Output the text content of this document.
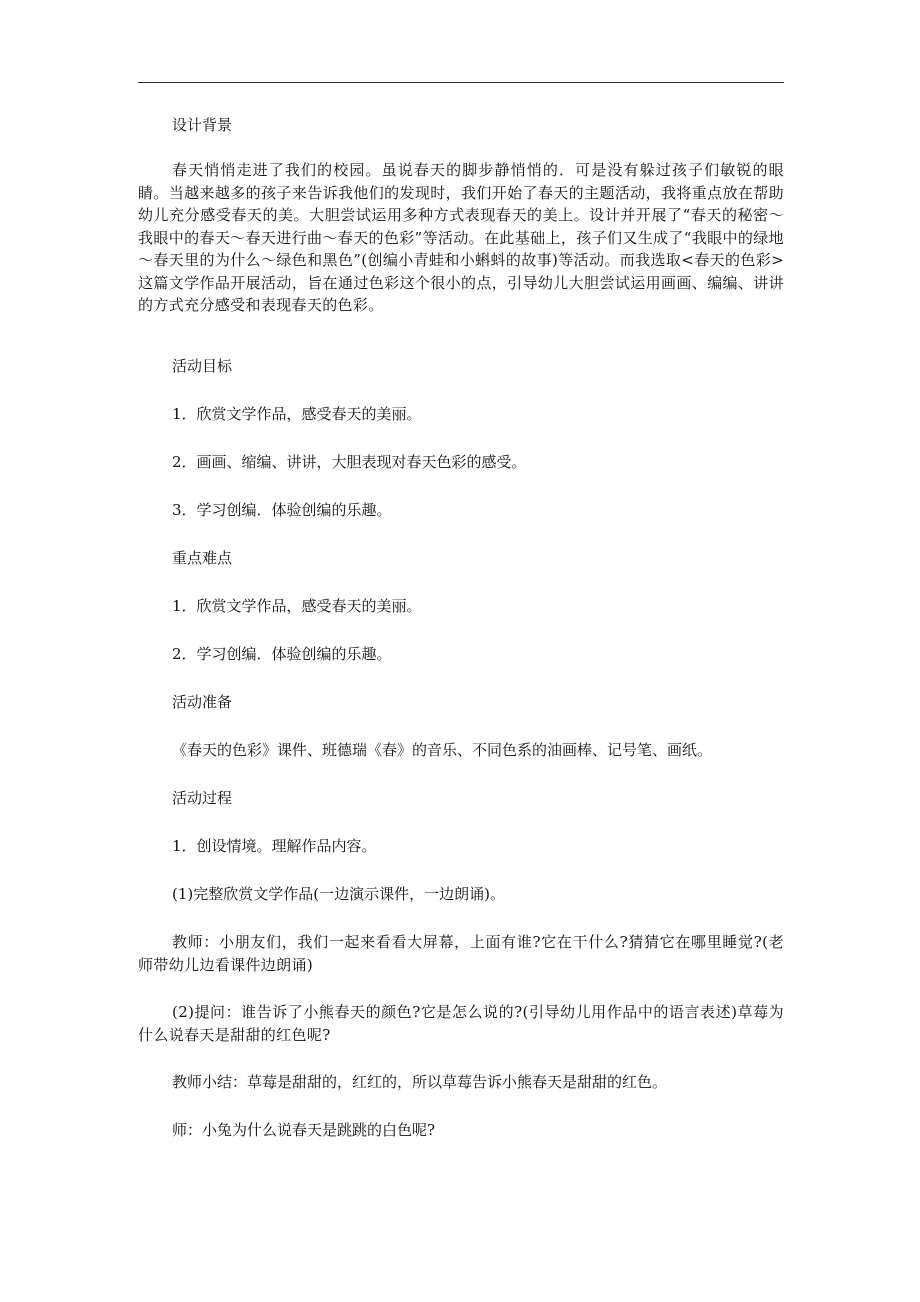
设计背景

春天悄悄走进了我们的校园。虽说春天的脚步静悄悄的．可是没有躲过孩子们敏锐的眼睛。当越来越多的孩子来告诉我他们的发现时，我们开始了春天的主题活动，我将重点放在帮助幼儿充分感受春天的美。大胆尝试运用多种方式表现春天的美上。设计并开展了“春天的秘密～我眼中的春天～春天进行曲～春天的色彩”等活动。在此基础上，孩子们又生成了“我眼中的绿地～春天里的为什么～绿色和黑色”(创编小青蛙和小蝌蚪的故事)等活动。而我选取<春天的色彩>这篇文学作品开展活动，旨在通过色彩这个很小的点，引导幼儿大胆尝试运用画画、编编、讲讲的方式充分感受和表现春天的色彩。

活动目标

1．欣赏文学作品，感受春天的美丽。

2．画画、缩编、讲讲，大胆表现对春天色彩的感受。

3．学习创编．体验创编的乐趣。

重点难点

1．欣赏文学作品，感受春天的美丽。

2．学习创编．体验创编的乐趣。

活动准备

《春天的色彩》课件、班德瑞《春》的音乐、不同色系的油画棒、记号笔、画纸。

活动过程

1．创设情境。理解作品内容。

(1)完整欣赏文学作品(一边演示课件，一边朗诵)。

教师：小朋友们，我们一起来看看大屏幕，上面有谁?它在干什么?猜猜它在哪里睡觉?(老师带幼儿边看课件边朗诵)

(2)提问：谁告诉了小熊春天的颜色?它是怎么说的?(引导幼儿用作品中的语言表述)草莓为什么说春天是甜甜的红色呢?

教师小结：草莓是甜甜的，红红的，所以草莓告诉小熊春天是甜甜的红色。

师：小兔为什么说春天是跳跳的白色呢?
